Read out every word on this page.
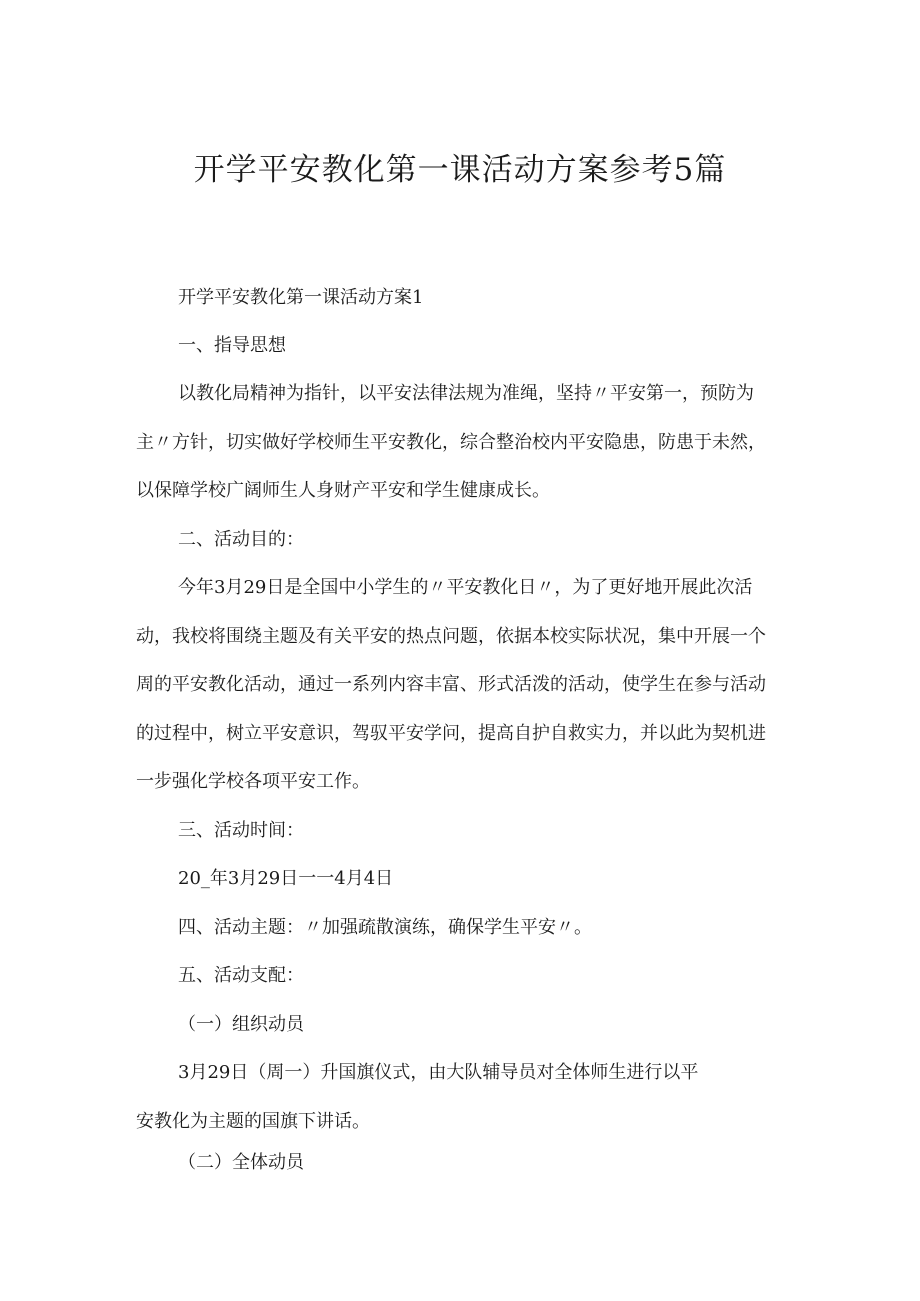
开学平安教化第一课活动方案参考5篇
开学平安教化第一课活动方案1
一、指导思想
以教化局精神为指针，以平安法律法规为准绳，坚持〃平安第一，预防为
主〃方针，切实做好学校师生平安教化，综合整治校内平安隐患，防患于未然，
以保障学校广阔师生人身财产平安和学生健康成长。
二、活动目的：
今年3月29日是全国中小学生的〃平安教化日〃，为了更好地开展此次活
动，我校将围绕主题及有关平安的热点问题，依据本校实际状况，集中开展一个
周的平安教化活动，通过一系列内容丰富、形式活泼的活动，使学生在参与活动
的过程中，树立平安意识，驾驭平安学问，提高自护自救实力，并以此为契机进
一步强化学校各项平安工作。
三、活动时间：
20_年3月29日一一4月4日
四、活动主题：〃加强疏散演练，确保学生平安〃。
五、活动支配：
（一）组织动员
3月29日（周一）升国旗仪式，由大队辅导员对全体师生进行以平
安教化为主题的国旗下讲话。
（二）全体动员
